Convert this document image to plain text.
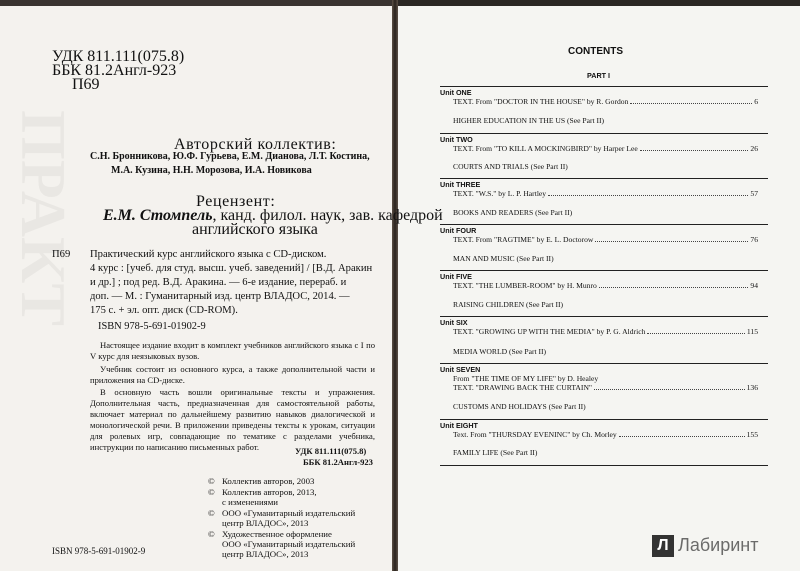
УДК 811.111(075.8)
ББК 81.2Англ-923
П69
Авторский коллектив:
С.Н. Бронникова, Ю.Ф. Гурьева, Е.М. Дианова, Л.Т. Костина,
М.А. Кузина, Н.Н. Морозова, И.А. Новикова
Рецензент:
Е.М. Стомпель, канд. филол. наук, зав. кафедрой
английского языка
П69 Практический курс английского языка с CD-диском.
4 курс : [учеб. для студ. высш. учеб. заведений] / [В.Д. Аракин
и др.] ; под ред. В.Д. Аракина. — 6-е издание, перераб. и
доп. — М. : Гуманитарный изд. центр ВЛАДОС, 2014. —
175 с. + эл. опт. диск (CD-ROM).
ISBN 978-5-691-01902-9
Настоящее издание входит в комплект учебников английского языка с I по V курс для неязыковых вузов.
Учебник состоит из основного курса, а также дополнительной части и приложения на CD-диске.
В основную часть вошли оригинальные тексты и упражнения. Дополнительная часть, предназначенная для самостоятельной работы, включает материал по дальнейшему развитию навыков диалогической и монологической речи. В приложении приведены тексты к урокам, ситуации для ролевых игр, совпадающие по тематике с разделами учебника, инструкции по написанию письменных работ.	УДК 811.111(075.8)
ББК 81.2Англ-923
© Коллектив авторов, 2003
© Коллектив авторов, 2013,
с изменениями
© ООО «Гуманитарный издательский
центр ВЛАДОС», 2013
© Художественное оформление
ООО «Гуманитарный издательский
центр ВЛАДОС», 2013
ISBN 978-5-691-01902-9
CONTENTS
PART I
Unit ONE
TEXT. From "DOCTOR IN THE HOUSE" by R. Gordon	6
HIGHER EDUCATION IN THE US (See Part II)
Unit TWO
TEXT. From "TO KILL A MOCKINGBIRD" by Harper Lee	26
COURTS AND TRIALS (See Part II)
Unit THREE
TEXT. "W.S." by L. P. Hartley	57
BOOKS AND READERS (See Part II)
Unit FOUR
TEXT. From "RAGTIME" by E. L. Doctorow	76
MAN AND MUSIC (See Part II)
Unit FIVE
TEXT. "THE LUMBER-ROOM" by H. Munro	94
RAISING CHILDREN (See Part II)
Unit SIX
TEXT. "GROWING UP WITH THE MEDIA" by P. G. Aldrich	115
MEDIA WORLD (See Part II)
Unit SEVEN
From "THE TIME OF MY LIFE" by D. Healey
TEXT. "DRAWING BACK THE CURTAIN"	136
CUSTOMS AND HOLIDAYS (See Part II)
Unit EIGHT
Text. From "THURSDAY EVENINC" by Ch. Morley	155
FAMILY LIFE (See Part II)
Л Лабиринт
